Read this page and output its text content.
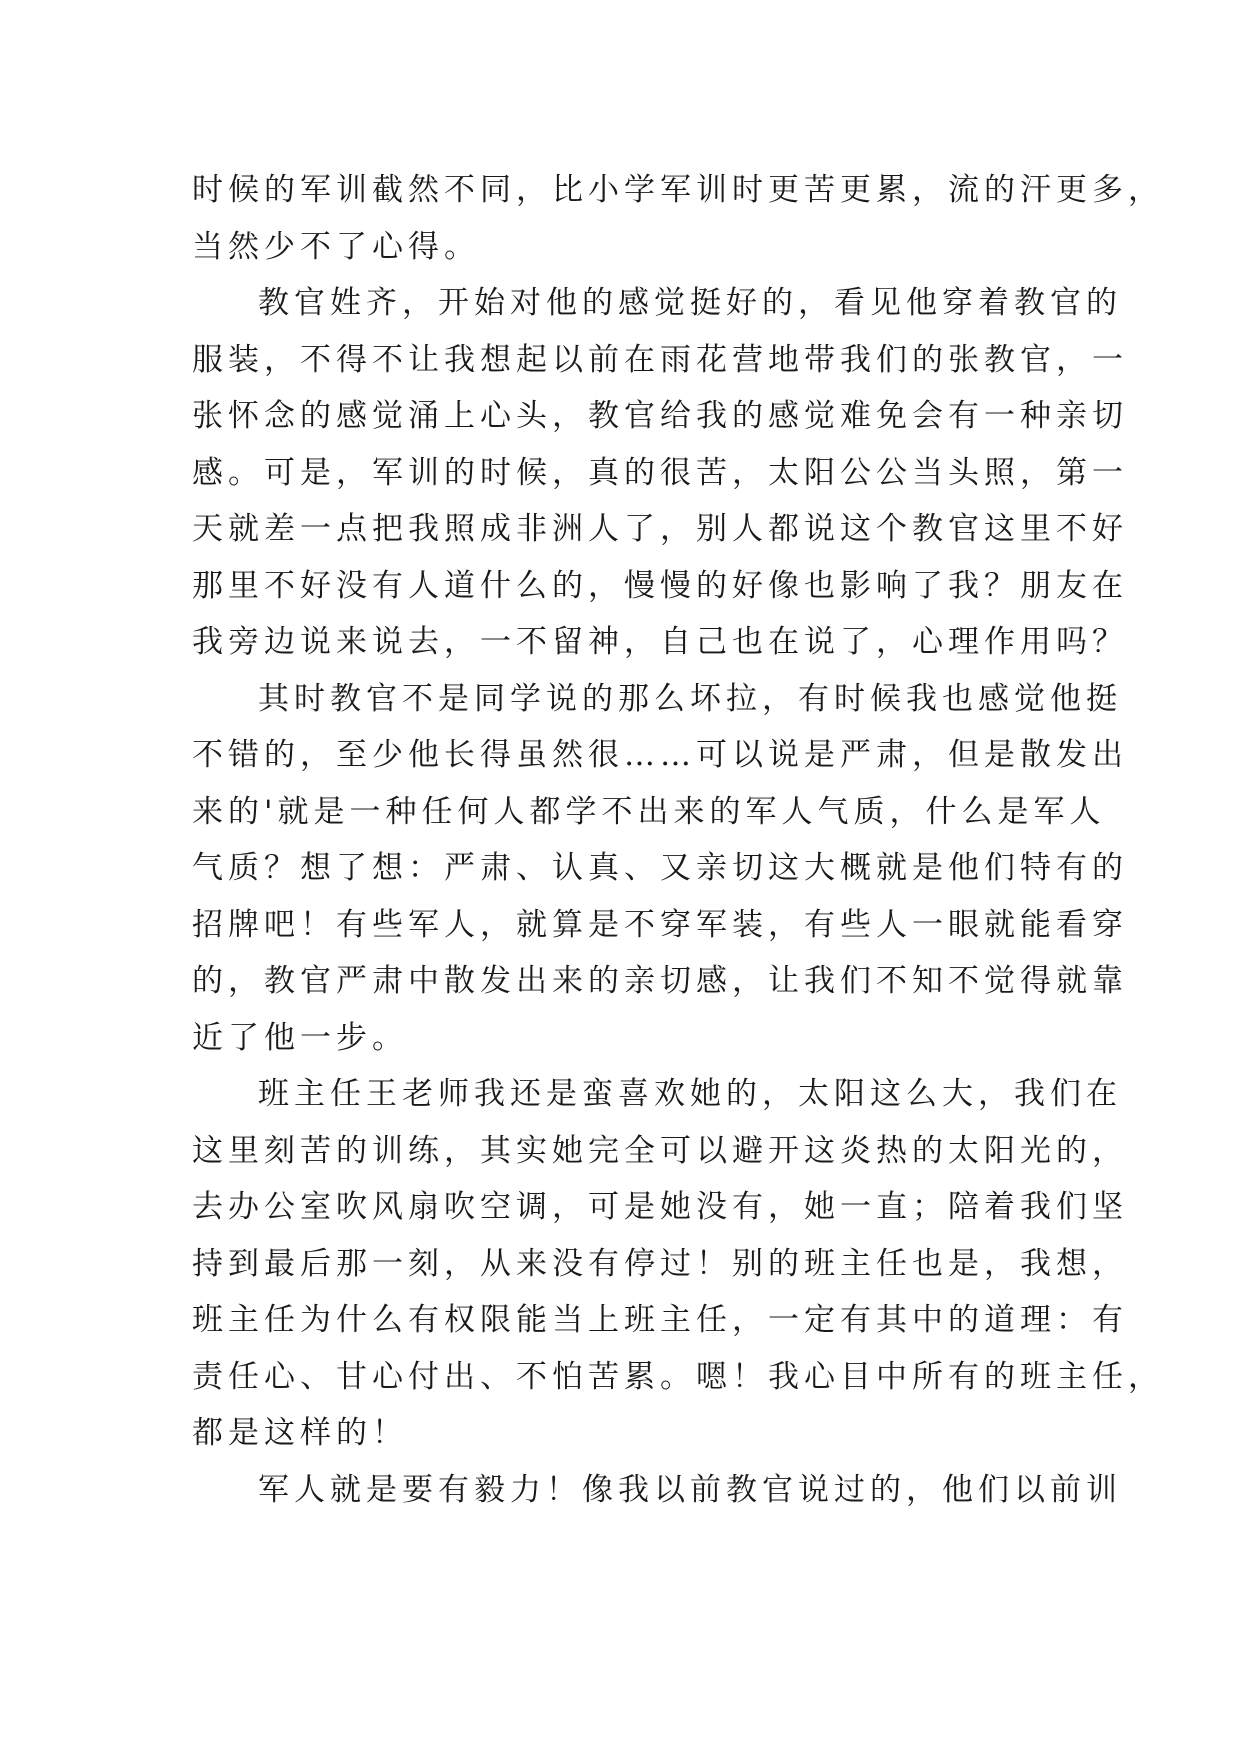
时候的军训截然不同，比小学军训时更苦更累，流的汗更多，
当然少不了心得。
教官姓齐，开始对他的感觉挺好的，看见他穿着教官的
服装，不得不让我想起以前在雨花营地带我们的张教官，一
张怀念的感觉涌上心头，教官给我的感觉难免会有一种亲切
感。可是，军训的时候，真的很苦，太阳公公当头照，第一
天就差一点把我照成非洲人了，别人都说这个教官这里不好
那里不好没有人道什么的，慢慢的好像也影响了我？朋友在
我旁边说来说去，一不留神，自己也在说了，心理作用吗？
其时教官不是同学说的那么坏拉，有时候我也感觉他挺
不错的，至少他长得虽然很……可以说是严肃，但是散发出
来的'就是一种任何人都学不出来的军人气质，什么是军人
气质？想了想：严肃、认真、又亲切这大概就是他们特有的
招牌吧！有些军人，就算是不穿军装，有些人一眼就能看穿
的，教官严肃中散发出来的亲切感，让我们不知不觉得就靠
近了他一步。
班主任王老师我还是蛮喜欢她的，太阳这么大，我们在
这里刻苦的训练，其实她完全可以避开这炎热的太阳光的，
去办公室吹风扇吹空调，可是她没有，她一直；陪着我们坚
持到最后那一刻，从来没有停过！别的班主任也是，我想，
班主任为什么有权限能当上班主任，一定有其中的道理：有
责任心、甘心付出、不怕苦累。嗯！我心目中所有的班主任，
都是这样的！
军人就是要有毅力！像我以前教官说过的，他们以前训
